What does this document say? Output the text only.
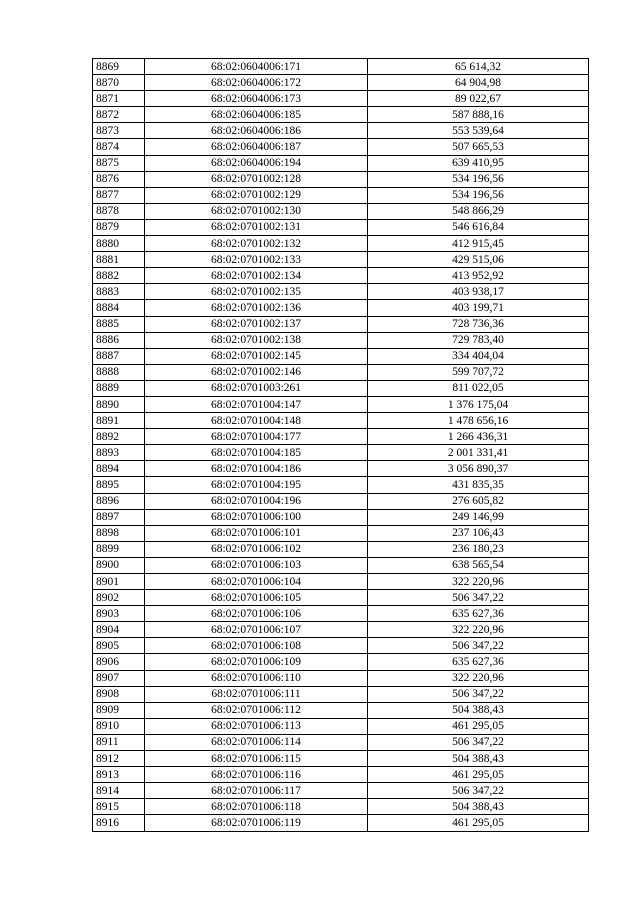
8869	68:02:0604006:171	65 614,32
8870	68:02:0604006:172	64 904,98
8871	68:02:0604006:173	89 022,67
8872	68:02:0604006:185	587 888,16
8873	68:02:0604006:186	553 539,64
8874	68:02:0604006:187	507 665,53
8875	68:02:0604006:194	639 410,95
8876	68:02:0701002:128	534 196,56
8877	68:02:0701002:129	534 196,56
8878	68:02:0701002:130	548 866,29
8879	68:02:0701002:131	546 616,84
8880	68:02:0701002:132	412 915,45
8881	68:02:0701002:133	429 515,06
8882	68:02:0701002:134	413 952,92
8883	68:02:0701002:135	403 938,17
8884	68:02:0701002:136	403 199,71
8885	68:02:0701002:137	728 736,36
8886	68:02:0701002:138	729 783,40
8887	68:02:0701002:145	334 404,04
8888	68:02:0701002:146	599 707,72
8889	68:02:0701003:261	811 022,05
8890	68:02:0701004:147	1 376 175,04
8891	68:02:0701004:148	1 478 656,16
8892	68:02:0701004:177	1 266 436,31
8893	68:02:0701004:185	2 001 331,41
8894	68:02:0701004:186	3 056 890,37
8895	68:02:0701004:195	431 835,35
8896	68:02:0701004:196	276 605,82
8897	68:02:0701006:100	249 146,99
8898	68:02:0701006:101	237 106,43
8899	68:02:0701006:102	236 180,23
8900	68:02:0701006:103	638 565,54
8901	68:02:0701006:104	322 220,96
8902	68:02:0701006:105	506 347,22
8903	68:02:0701006:106	635 627,36
8904	68:02:0701006:107	322 220,96
8905	68:02:0701006:108	506 347,22
8906	68:02:0701006:109	635 627,36
8907	68:02:0701006:110	322 220,96
8908	68:02:0701006:111	506 347,22
8909	68:02:0701006:112	504 388,43
8910	68:02:0701006:113	461 295,05
8911	68:02:0701006:114	506 347,22
8912	68:02:0701006:115	504 388,43
8913	68:02:0701006:116	461 295,05
8914	68:02:0701006:117	506 347,22
8915	68:02:0701006:118	504 388,43
8916	68:02:0701006:119	461 295,05
